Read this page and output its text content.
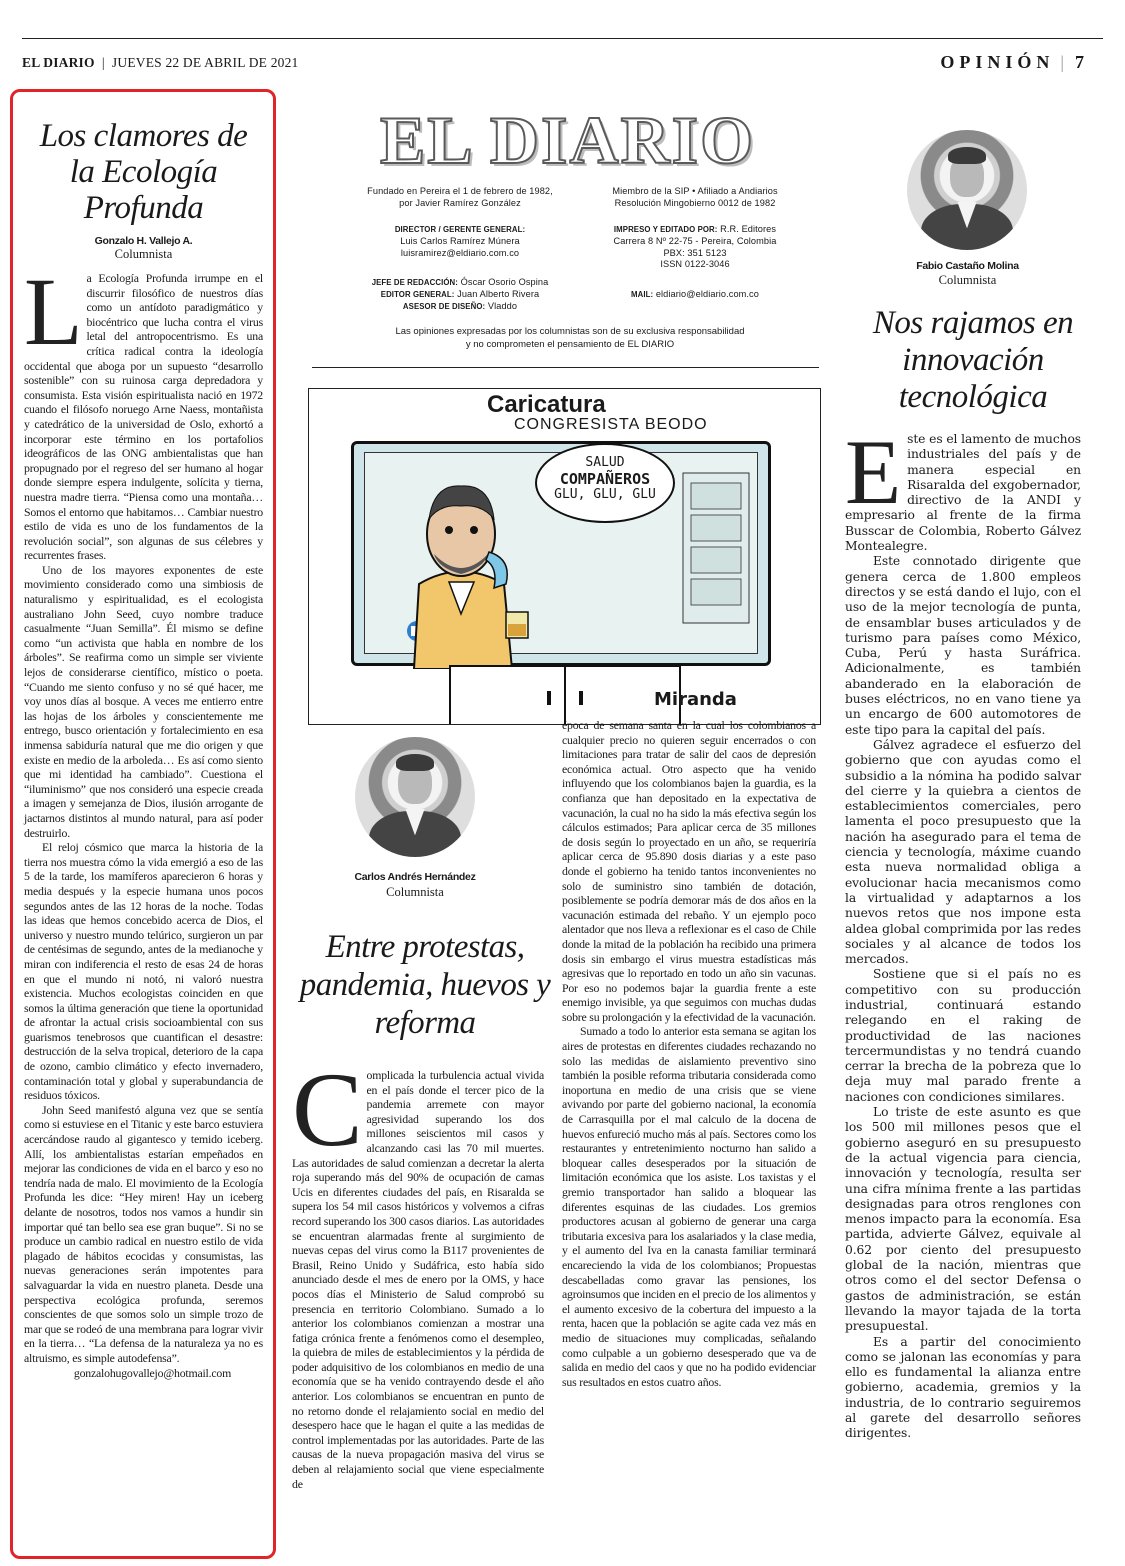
EL DIARIO  |  JUEVES 22 DE ABRIL DE 2021	OPINIÓN | 7
Los clamores de la Ecología Profunda
Gonzalo H. Vallejo A.
Columnista

La Ecología Profunda irrumpe en el discurrir filosófico de nuestros días como un antídoto paradigmático y biocéntrico que lucha contra el virus letal del antropocentrismo. Es una crítica radical contra la ideología occidental que aboga por un supuesto “desarrollo sostenible” con su ruinosa carga depredadora y consumista. Esta visión espiritualista nació en 1972 cuando el filósofo noruego Arne Naess, montañista y catedrático de la universidad de Oslo, exhortó a incorporar este término en los portafolios ideográficos de las ONG ambientalistas que han propugnado por el regreso del ser humano al hogar donde siempre espera indulgente, solícita y tierna, nuestra madre tierra. “Piensa como una montaña… Somos el entorno que habitamos… Cambiar nuestro estilo de vida es uno de los fundamentos de la revolución social”, son algunas de sus célebres y recurrentes frases.

Uno de los mayores exponentes de este movimiento considerado como una simbiosis de naturalismo y espiritualidad, es el ecologista australiano John Seed, cuyo nombre traduce casualmente “Juan Semilla”. Él mismo se define como “un activista que habla en nombre de los árboles”. Se reafirma como un simple ser viviente lejos de considerarse científico, místico o poeta. “Cuando me siento confuso y no sé qué hacer, me voy unos días al bosque. A veces me entierro entre las hojas de los árboles y conscientemente me entrego, busco orientación y fortalecimiento en esa inmensa sabiduría natural que me dio origen y que existe en medio de la arboleda… Es así como siento que mi identidad ha cambiado”. Cuestiona el “iluminismo” que nos consideró una especie creada a imagen y semejanza de Dios, ilusión arrogante de jactarnos distintos al mundo natural, para así poder destruirlo.

El reloj cósmico que marca la historia de la tierra nos muestra cómo la vida emergió a eso de las 5 de la tarde, los mamíferos aparecieron 6 horas y media después y la especie humana unos pocos segundos antes de las 12 horas de la noche. Todas las ideas que hemos concebido acerca de Dios, el universo y nuestro mundo telúrico, surgieron un par de centésimas de segundo, antes de la medianoche y miran con indiferencia el resto de esas 24 de horas en que el mundo ni notó, ni valoró nuestra existencia. Muchos ecologistas coinciden en que somos la última generación que tiene la oportunidad de afrontar la actual crisis socioambiental con sus guarismos tenebrosos que cuantifican el desastre: destrucción de la selva tropical, deterioro de la capa de ozono, cambio climático y efecto invernadero, contaminación total y global y superabundancia de residuos tóxicos.

John Seed manifestó alguna vez que se sentía como si estuviese en el Titanic y este barco estuviera acercándose raudo al gigantesco y temido iceberg. Allí, los ambientalistas estarían empeñados en mejorar las condiciones de vida en el barco y eso no tendría nada de malo. El movimiento de la Ecología Profunda les dice: “Hey miren! Hay un iceberg delante de nosotros, todos nos vamos a hundir sin importar qué tan bello sea ese gran buque”. Si no se produce un cambio radical en nuestro estilo de vida plagado de hábitos ecocidas y consumistas, las nuevas generaciones serán impotentes para salvaguardar la vida en nuestro planeta. Desde una perspectiva ecológica profunda, seremos conscientes de que somos solo un simple trozo de mar que se rodeó de una membrana para lograr vivir en la tierra… “La defensa de la naturaleza ya no es altruismo, es simple autodefensa”.

gonzalohugovallejo@hotmail.com

EL DIARIO
Fundado en Pereira el 1 de febrero de 1982,
por Javier Ramírez González
Miembro de la SIP • Afiliado a Andiarios
Resolución Mingobierno 0012 de 1982
DIRECTOR / GERENTE GENERAL:
Luis Carlos Ramírez Múnera
luisramirez@eldiario.com.co
IMPRESO Y EDITADO POR: R.R. Editores
Carrera 8 Nº 22-75 - Pereira, Colombia
PBX: 351 5123
ISSN 0122-3046
JEFE DE REDACCIÓN: Óscar Osorio Ospina
EDITOR GENERAL: Juan Alberto Rivera
ASESOR DE DISEÑO: Vladdo
MAIL: eldiario@eldiario.com.co
Las opiniones expresadas por los columnistas son de su exclusiva responsabilidad
y no comprometen el pensamiento de EL DIARIO
Caricatura
CONGRESISTA BEODO
SALUD
COMPAÑEROS
GLU, GLU, GLU
Miranda
Carlos Andrés Hernández
Columnista
Entre protestas, pandemia, huevos y reforma

Complicada la turbulencia actual vivida en el país donde el tercer pico de la pandemia arremete con mayor agresividad superando los dos millones seiscientos mil casos y alcanzando casi las 70 mil muertes. Las autoridades de salud comienzan a decretar la alerta roja superando más del 90% de ocupación de camas Ucis en diferentes ciudades del país, en Risaralda se supera los 54 mil casos históricos y volvemos a cifras record superando los 300 casos diarios. Las autoridades se encuentran alarmadas frente al surgimiento de nuevas cepas del virus como la B117 provenientes de Brasil, Reino Unido y Sudáfrica, esto había sido anunciado desde el mes de enero por la OMS, y hace pocos días el Ministerio de Salud comprobó su presencia en territorio Colombiano. Sumado a lo anterior los colombianos comienzan a mostrar una fatiga crónica frente a fenómenos como el desempleo, la quiebra de miles de establecimientos y la pérdida de poder adquisitivo de los colombianos en medio de una economía que se ha venido contrayendo desde el año anterior. Los colombianos se encuentran en punto de no retorno donde el relajamiento social en medio del desespero hace que le hagan el quite a las medidas de control implementadas por las autoridades. Parte de las causas de la nueva propagación masiva del virus se deben al relajamiento social que viene especialmente de

época de semana santa en la cual los colombianos a cualquier precio no quieren seguir encerrados o con limitaciones para tratar de salir del caos de depresión económica actual. Otro aspecto que ha venido influyendo que los colombianos bajen la guardia, es la confianza que han depositado en la expectativa de vacunación, la cual no ha sido la más efectiva según los cálculos estimados; Para aplicar cerca de 35 millones de dosis según lo proyectado en un año, se requeriría aplicar cerca de 95.890 dosis diarias y a este paso donde el gobierno ha tenido tantos inconvenientes no solo de suministro sino también de dotación, posiblemente se podría demorar más de dos años en la vacunación estimada del rebaño. Y un ejemplo poco alentador que nos lleva a reflexionar es el caso de Chile donde la mitad de la población ha recibido una primera dosis sin embargo el virus muestra estadísticas más agresivas que lo reportado en todo un año sin vacunas. Por eso no podemos bajar la guardia frente a este enemigo invisible, ya que seguimos con muchas dudas sobre su prolongación y la efectividad de la vacunación.

Sumado a todo lo anterior esta semana se agitan los aires de protestas en diferentes ciudades rechazando no solo las medidas de aislamiento preventivo sino también la posible reforma tributaria considerada como inoportuna en medio de una crisis que se viene avivando por parte del gobierno nacional, la economía de Carrasquilla por el mal calculo de la docena de huevos enfureció mucho más al país. Sectores como los restaurantes y entretenimiento nocturno han salido a bloquear calles desesperados por la situación de limitación económica que los asiste. Los taxistas y el gremio transportador han salido a bloquear las diferentes esquinas de las ciudades. Los gremios productores acusan al gobierno de generar una carga tributaria excesiva para los asalariados y la clase media, y el aumento del Iva en la canasta familiar terminará encareciendo la vida de los colombianos; Propuestas descabelladas como gravar las pensiones, los agroinsumos que inciden en el precio de los alimentos y el aumento excesivo de la cobertura del impuesto a la renta, hacen que la población se agite cada vez más en medio de situaciones muy complicadas, señalando como culpable a un gobierno desesperado que va de salida en medio del caos y que no ha podido evidenciar sus resultados en estos cuatro años.

Fabio Castaño Molina
Columnista
Nos rajamos en innovación tecnológica

Este es el lamento de muchos industriales del país y de manera especial en Risaralda del exgobernador, directivo de la ANDI y empresario al frente de la firma Busscar de Colombia, Roberto Gálvez Montealegre.

Este connotado dirigente que genera cerca de 1.800 empleos directos y se está dando el lujo, con el uso de la mejor tecnología de punta, de ensamblar buses articulados y de turismo para países como México, Cuba, Perú y hasta Suráfrica. Adicionalmente, es también abanderado en la elaboración de buses eléctricos, no en vano tiene ya un encargo de 600 automotores de este tipo para la capital del país.

Gálvez agradece el esfuerzo del gobierno que con ayudas como el subsidio a la nómina ha podido salvar del cierre y la quiebra a cientos de establecimientos comerciales, pero lamenta el poco presupuesto que la nación ha asegurado para el tema de ciencia y tecnología, máxime cuando esta nueva normalidad obliga a evolucionar hacia mecanismos como la virtualidad y adaptarnos a los nuevos retos que nos impone esta aldea global comprimida por las redes sociales y al alcance de todos los mercados.

Sostiene que si el país no es competitivo con su producción industrial, continuará estando relegando en el raking de productividad de las naciones tercermundistas y no tendrá cuando cerrar la brecha de la pobreza que lo deja muy mal parado frente a naciones con condiciones similares.

Lo triste de este asunto es que los 500 mil millones pesos que el gobierno aseguró en su presupuesto de la actual vigencia para ciencia, innovación y tecnología, resulta ser una cifra mínima frente a las partidas designadas para otros renglones con menos impacto para la economía. Esa partida, advierte Gálvez, equivale al 0.62 por ciento del presupuesto global de la nación, mientras que otros como el del sector Defensa o gastos de administración, se están llevando la mayor tajada de la torta presupuestal.

Es a partir del conocimiento como se jalonan las economías y para ello es fundamental la alianza entre gobierno, academia, gremios y la industria, de lo contrario seguiremos al garete del desarrollo señores dirigentes.
